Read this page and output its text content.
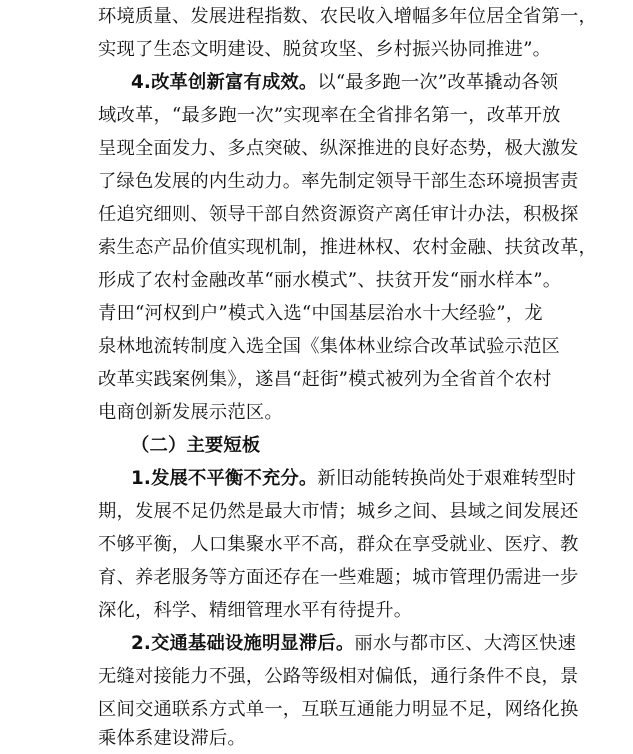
环境质量、发展进程指数、农民收入增幅多年位居全省第一，
实现了生态文明建设、脱贫攻坚、乡村振兴协同推进”。
4.改革创新富有成效。以“最多跑一次”改革撬动各领
域改革，“最多跑一次”实现率在全省排名第一，改革开放
呈现全面发力、多点突破、纵深推进的良好态势，极大激发
了绿色发展的内生动力。率先制定领导干部生态环境损害责
任追究细则、领导干部自然资源资产离任审计办法，积极探
索生态产品价值实现机制，推进林权、农村金融、扶贫改革，
形成了农村金融改革“丽水模式”、扶贫开发“丽水样本”。
青田“河权到户”模式入选“中国基层治水十大经验”，龙
泉林地流转制度入选全国《集体林业综合改革试验示范区
改革实践案例集》，遂昌“赶街”模式被列为全省首个农村
电商创新发展示范区。
（二）主要短板
1.发展不平衡不充分。新旧动能转换尚处于艰难转型时
期，发展不足仍然是最大市情；城乡之间、县域之间发展还
不够平衡，人口集聚水平不高，群众在享受就业、医疗、教
育、养老服务等方面还存在一些难题；城市管理仍需进一步
深化，科学、精细管理水平有待提升。
2.交通基础设施明显滞后。丽水与都市区、大湾区快速
无缝对接能力不强，公路等级相对偏低，通行条件不良，景
区间交通联系方式单一，互联互通能力明显不足，网络化换
乘体系建设滞后。
